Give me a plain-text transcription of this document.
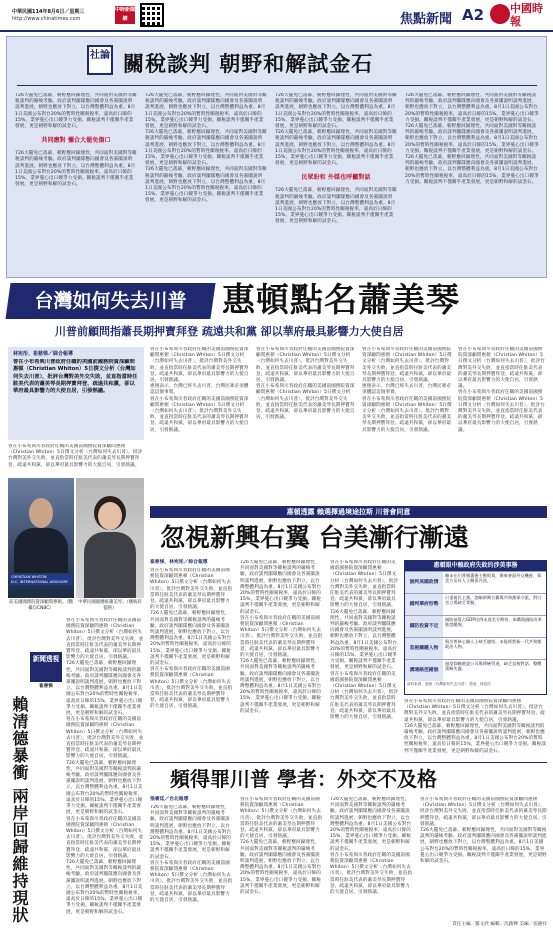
中華民國114年8月6日／星期三
http://www.chinatimes.com
中時新聞網	焦點新聞 A2 中國時報
社論 關稅談判 朝野和解試金石
726大罷免已落幕，朝野應回歸理性，共同面對美國對等關稅談判的嚴峻考驗。政府談判團隊應向國會及各黨團說明談判進展，朝野也應放下對立，以台灣整體利益為重。8月1日美國公布對台20%的暫時性關稅稅率，遠高於日韓的15%，業界憂心出口競爭力受損。關稅談判不僅關乎產業發展，更是朝野和解的試金石。
共同應對 彌合大罷免傷口
726大罷免已落幕，朝野應回歸理性，共同面對美國對等關稅談判的嚴峻考驗。政府談判團隊應向國會及各黨團說明談判進展，朝野也應放下對立，以台灣整體利益為重。8月1日美國公布對台20%的暫時性關稅稅率，遠高於日韓的15%，業界憂心出口競爭力受損。關稅談判不僅關乎產業發展，更是朝野和解的試金石。
726大罷免已落幕，朝野應回歸理性，共同面對美國對等關稅談判的嚴峻考驗。政府談判團隊應向國會及各黨團說明談判進展，朝野也應放下對立，以台灣整體利益為重。8月1日美國公布對台20%的暫時性關稅稅率，遠高於日韓的15%，業界憂心出口競爭力受損。關稅談判不僅關乎產業發展，更是朝野和解的試金石。
726大罷免已落幕，朝野應回歸理性，共同面對美國對等關稅談判的嚴峻考驗。政府談判團隊應向國會及各黨團說明談判進展，朝野也應放下對立，以台灣整體利益為重。8月1日美國公布對台20%的暫時性關稅稅率，遠高於日韓的15%，業界憂心出口競爭力受損。關稅談判不僅關乎產業發展，更是朝野和解的試金石。
726大罷免已落幕，朝野應回歸理性，共同面對美國對等關稅談判的嚴峻考驗。政府談判團隊應向國會及各黨團說明談判進展，朝野也應放下對立，以台灣整體利益為重。8月1日美國公布對台20%的暫時性關稅稅率，遠高於日韓的15%，業界憂心出口競爭力受損。關稅談判不僅關乎產業發展，更是朝野和解的試金石。
726大罷免已落幕，朝野應回歸理性，共同面對美國對等關稅談判的嚴峻考驗。政府談判團隊應向國會及各黨團說明談判進展，朝野也應放下對立，以台灣整體利益為重。8月1日美國公布對台20%的暫時性關稅稅率，遠高於日韓的15%，業界憂心出口競爭力受損。關稅談判不僅關乎產業發展，更是朝野和解的試金石。
726大罷免已落幕，朝野應回歸理性，共同面對美國對等關稅談判的嚴峻考驗。政府談判團隊應向國會及各黨團說明談判進展，朝野也應放下對立，以台灣整體利益為重。8月1日美國公布對台20%的暫時性關稅稅率，遠高於日韓的15%，業界憂心出口競爭力受損。關稅談判不僅關乎產業發展，更是朝野和解的試金石。
民眾盼和 外媒也呼籲對話
726大罷免已落幕，朝野應回歸理性，共同面對美國對等關稅談判的嚴峻考驗。政府談判團隊應向國會及各黨團說明談判進展，朝野也應放下對立，以台灣整體利益為重。8月1日美國公布對台20%的暫時性關稅稅率，遠高於日韓的15%，業界憂心出口競爭力受損。關稅談判不僅關乎產業發展，更是朝野和解的試金石。
726大罷免已落幕，朝野應回歸理性，共同面對美國對等關稅談判的嚴峻考驗。政府談判團隊應向國會及各黨團說明談判進展，朝野也應放下對立，以台灣整體利益為重。8月1日美國公布對台20%的暫時性關稅稅率，遠高於日韓的15%，業界憂心出口競爭力受損。關稅談判不僅關乎產業發展，更是朝野和解的試金石。
726大罷免已落幕，朝野應回歸理性，共同面對美國對等關稅談判的嚴峻考驗。政府談判團隊應向國會及各黨團說明談判進展，朝野也應放下對立，以台灣整體利益為重。8月1日美國公布對台20%的暫時性關稅稅率，遠高於日韓的15%，業界憂心出口競爭力受損。關稅談判不僅關乎產業發展，更是朝野和解的試金石。
726大罷免已落幕，朝野應回歸理性，共同面對美國對等關稅談判的嚴峻考驗。政府談判團隊應向國會及各黨團說明談判進展，朝野也應放下對立，以台灣整體利益為重。8月1日美國公布對台20%的暫時性關稅稅率，遠高於日韓的15%，業界憂心出口競爭力受損。關稅談判不僅關乎產業發展，更是朝野和解的試金石。
台灣如何失去川普	惠頓點名蕭美琴
川普前顧問指蕭長期押寶拜登 疏遠共和黨 卻以華府最具影響力大使自居
林宛彤、崔慈悌／綜合報導
曾在小布希與川普政府任職的美國前國務院資深顧問惠頓（Christian Whiton）5日撰文分析〈台灣如何失去川普〉，批評台灣對美外交失敗，並直指當時任駐美代表的蕭美琴長期押寶拜登、疏遠共和黨，卻以華府最具影響力的大使自居，引發熱議。
曾在小布希與川普政府任職的美國前國務院資深顧問惠頓（Christian Whiton）5日撰文分析〈台灣如何失去川普〉，批評台灣對美外交失敗，並直指當時任駐美代表的蕭美琴長期押寶拜登、疏遠共和黨，卻以華府最具影響力的大使自居，引發熱議。
CHRISTIAN WHITON
D.C. INTERNATIONAL ADVISORY
前美國國務院資深顧問惠頓。（翻攝自CNBC）
中華民國副總統蕭美琴。（總統府提供）
曾在小布希與川普政府任職的美國前國務院資深顧問惠頓（Christian Whiton）5日撰文分析〈台灣如何失去川普〉，批評台灣對美外交失敗，並直指當時任駐美代表的蕭美琴長期押寶拜登、疏遠共和黨，卻以華府最具影響力的大使自居，引發熱議。
惠頓表示，台灣已經失去川普，台灣民眾必須體認這個事實。
曾在小布希與川普政府任職的美國前國務院資深顧問惠頓（Christian Whiton）5日撰文分析〈台灣如何失去川普〉，批評台灣對美外交失敗，並直指當時任駐美代表的蕭美琴長期押寶拜登、疏遠共和黨，卻以華府最具影響力的大使自居，引發熱議。
曾在小布希與川普政府任職的美國前國務院資深顧問惠頓（Christian Whiton）5日撰文分析〈台灣如何失去川普〉，批評台灣對美外交失敗，並直指當時任駐美代表的蕭美琴長期押寶拜登、疏遠共和黨，卻以華府最具影響力的大使自居，引發熱議。
曾在小布希與川普政府任職的美國前國務院資深顧問惠頓（Christian Whiton）5日撰文分析〈台灣如何失去川普〉，批評台灣對美外交失敗，並直指當時任駐美代表的蕭美琴長期押寶拜登、疏遠共和黨，卻以華府最具影響力的大使自居，引發熱議。
曾在小布希與川普政府任職的美國前國務院資深顧問惠頓（Christian Whiton）5日撰文分析〈台灣如何失去川普〉，批評台灣對美外交失敗，並直指當時任駐美代表的蕭美琴長期押寶拜登、疏遠共和黨，卻以華府最具影響力的大使自居，引發熱議。
惠頓表示，台灣已經失去川普，台灣民眾必須體認這個事實。
曾在小布希與川普政府任職的美國前國務院資深顧問惠頓（Christian Whiton）5日撰文分析〈台灣如何失去川普〉，批評台灣對美外交失敗，並直指當時任駐美代表的蕭美琴長期押寶拜登、疏遠共和黨，卻以華府最具影響力的大使自居，引發熱議。
曾在小布希與川普政府任職的美國前國務院資深顧問惠頓（Christian Whiton）5日撰文分析〈台灣如何失去川普〉，批評台灣對美外交失敗，並直指當時任駐美代表的蕭美琴長期押寶拜登、疏遠共和黨，卻以華府最具影響力的大使自居，引發熱議。
曾在小布希與川普政府任職的美國前國務院資深顧問惠頓（Christian Whiton）5日撰文分析〈台灣如何失去川普〉，批評台灣對美外交失敗，並直指當時任駐美代表的蕭美琴長期押寶拜登、疏遠共和黨，卻以華府最具影響力的大使自居，引發熱議。
惠頓透露 賴選擇過境途拉斯 川普會同意
忽視新興右翼 台美漸行漸遠
新聞透視
崔慈悌
賴清德暴衝 兩岸回歸維持現狀
曾在小布希與川普政府任職的美國前國務院資深顧問惠頓（Christian Whiton）5日撰文分析〈台灣如何失去川普〉，批評台灣對美外交失敗，並直指當時任駐美代表的蕭美琴長期押寶拜登、疏遠共和黨，卻以華府最具影響力的大使自居，引發熱議。
726大罷免已落幕，朝野應回歸理性，共同面對美國對等關稅談判的嚴峻考驗。政府談判團隊應向國會及各黨團說明談判進展，朝野也應放下對立，以台灣整體利益為重。8月1日美國公布對台20%的暫時性關稅稅率，遠高於日韓的15%，業界憂心出口競爭力受損。關稅談判不僅關乎產業發展，更是朝野和解的試金石。
曾在小布希與川普政府任職的美國前國務院資深顧問惠頓（Christian Whiton）5日撰文分析〈台灣如何失去川普〉，批評台灣對美外交失敗，並直指當時任駐美代表的蕭美琴長期押寶拜登、疏遠共和黨，卻以華府最具影響力的大使自居，引發熱議。
726大罷免已落幕，朝野應回歸理性，共同面對美國對等關稅談判的嚴峻考驗。政府談判團隊應向國會及各黨團說明談判進展，朝野也應放下對立，以台灣整體利益為重。8月1日美國公布對台20%的暫時性關稅稅率，遠高於日韓的15%，業界憂心出口競爭力受損。關稅談判不僅關乎產業發展，更是朝野和解的試金石。
曾在小布希與川普政府任職的美國前國務院資深顧問惠頓（Christian Whiton）5日撰文分析〈台灣如何失去川普〉，批評台灣對美外交失敗，並直指當時任駐美代表的蕭美琴長期押寶拜登、疏遠共和黨，卻以華府最具影響力的大使自居，引發熱議。
726大罷免已落幕，朝野應回歸理性，共同面對美國對等關稅談判的嚴峻考驗。政府談判團隊應向國會及各黨團說明談判進展，朝野也應放下對立，以台灣整體利益為重。8月1日美國公布對台20%的暫時性關稅稅率，遠高於日韓的15%，業界憂心出口競爭力受損。關稅談判不僅關乎產業發展，更是朝野和解的試金石。
崔慈悌、林宛彤／綜合報導
曾在小布希與川普政府任職的美國前國務院資深顧問惠頓（Christian Whiton）5日撰文分析〈台灣如何失去川普〉，批評台灣對美外交失敗，並直指當時任駐美代表的蕭美琴長期押寶拜登、疏遠共和黨，卻以華府最具影響力的大使自居，引發熱議。
726大罷免已落幕，朝野應回歸理性，共同面對美國對等關稅談判的嚴峻考驗。政府談判團隊應向國會及各黨團說明談判進展，朝野也應放下對立，以台灣整體利益為重。8月1日美國公布對台20%的暫時性關稅稅率，遠高於日韓的15%，業界憂心出口競爭力受損。關稅談判不僅關乎產業發展，更是朝野和解的試金石。
曾在小布希與川普政府任職的美國前國務院資深顧問惠頓（Christian Whiton）5日撰文分析〈台灣如何失去川普〉，批評台灣對美外交失敗，並直指當時任駐美代表的蕭美琴長期押寶拜登、疏遠共和黨，卻以華府最具影響力的大使自居，引發熱議。
726大罷免已落幕，朝野應回歸理性，共同面對美國對等關稅談判的嚴峻考驗。政府談判團隊應向國會及各黨團說明談判進展，朝野也應放下對立，以台灣整體利益為重。8月1日美國公布對台20%的暫時性關稅稅率，遠高於日韓的15%，業界憂心出口競爭力受損。關稅談判不僅關乎產業發展，更是朝野和解的試金石。
曾在小布希與川普政府任職的美國前國務院資深顧問惠頓（Christian Whiton）5日撰文分析〈台灣如何失去川普〉，批評台灣對美外交失敗，並直指當時任駐美代表的蕭美琴長期押寶拜登、疏遠共和黨，卻以華府最具影響力的大使自居，引發熱議。
726大罷免已落幕，朝野應回歸理性，共同面對美國對等關稅談判的嚴峻考驗。政府談判團隊應向國會及各黨團說明談判進展，朝野也應放下對立，以台灣整體利益為重。8月1日美國公布對台20%的暫時性關稅稅率，遠高於日韓的15%，業界憂心出口競爭力受損。關稅談判不僅關乎產業發展，更是朝野和解的試金石。
曾在小布希與川普政府任職的美國前國務院資深顧問惠頓（Christian Whiton）5日撰文分析〈台灣如何失去川普〉，批評台灣對美外交失敗，並直指當時任駐美代表的蕭美琴長期押寶拜登、疏遠共和黨，卻以華府最具影響力的大使自居，引發熱議。
726大罷免已落幕，朝野應回歸理性，共同面對美國對等關稅談判的嚴峻考驗。政府談判團隊應向國會及各黨團說明談判進展，朝野也應放下對立，以台灣整體利益為重。8月1日美國公布對台20%的暫時性關稅稅率，遠高於日韓的15%，業界憂心出口競爭力受損。關稅談判不僅關乎產業發展，更是朝野和解的試金石。
曾在小布希與川普政府任職的美國前國務院資深顧問惠頓（Christian Whiton）5日撰文分析〈台灣如何失去川普〉，批評台灣對美外交失敗，並直指當時任駐美代表的蕭美琴長期押寶拜登、疏遠共和黨，卻以華府最具影響力的大使自居，引發熱議。
惠頓眼中賴政府失敗的涉美事務
誤判美國政情
賴未在川普勝選後主動致賀，換來會面外交機會，與美方友好人士關係冷淡。
錯判華府形勢
只重視民主黨，忽略新興右翼與共和黨保守派，對白宮立場缺乏掌握。
國防投資不足
國防預算占GDP比例未達美方期待，軍購與國防改革進度緩慢。
忽視關鍵人物
與川普核心圈人士缺乏連結，未能經營新一代共和黨政治人物。
溝通路徑錯誤
過度仰賴遊說公司與傳統管道，缺乏直接對話，整體策略失靈。
資料來源：惠頓〈台灣如何失去川普〉 製表：林宛彤
曾在小布希與川普政府任職的美國前國務院資深顧問惠頓（Christian Whiton）5日撰文分析〈台灣如何失去川普〉，批評台灣對美外交失敗，並直指當時任駐美代表的蕭美琴長期押寶拜登、疏遠共和黨，卻以華府最具影響力的大使自居，引發熱議。
726大罷免已落幕，朝野應回歸理性，共同面對美國對等關稅談判的嚴峻考驗。政府談判團隊應向國會及各黨團說明談判進展，朝野也應放下對立，以台灣整體利益為重。8月1日美國公布對台20%的暫時性關稅稅率，遠高於日韓的15%，業界憂心出口競爭力受損。關稅談判不僅關乎產業發展，更是朝野和解的試金石。
頻得罪川普 學者：外交不及格
張睿廷／台北報導
726大罷免已落幕，朝野應回歸理性，共同面對美國對等關稅談判的嚴峻考驗。政府談判團隊應向國會及各黨團說明談判進展，朝野也應放下對立，以台灣整體利益為重。8月1日美國公布對台20%的暫時性關稅稅率，遠高於日韓的15%，業界憂心出口競爭力受損。關稅談判不僅關乎產業發展，更是朝野和解的試金石。
曾在小布希與川普政府任職的美國前國務院資深顧問惠頓（Christian Whiton）5日撰文分析〈台灣如何失去川普〉，批評台灣對美外交失敗，並直指當時任駐美代表的蕭美琴長期押寶拜登、疏遠共和黨，卻以華府最具影響力的大使自居，引發熱議。
曾在小布希與川普政府任職的美國前國務院資深顧問惠頓（Christian Whiton）5日撰文分析〈台灣如何失去川普〉，批評台灣對美外交失敗，並直指當時任駐美代表的蕭美琴長期押寶拜登、疏遠共和黨，卻以華府最具影響力的大使自居，引發熱議。
726大罷免已落幕，朝野應回歸理性，共同面對美國對等關稅談判的嚴峻考驗。政府談判團隊應向國會及各黨團說明談判進展，朝野也應放下對立，以台灣整體利益為重。8月1日美國公布對台20%的暫時性關稅稅率，遠高於日韓的15%，業界憂心出口競爭力受損。關稅談判不僅關乎產業發展，更是朝野和解的試金石。
726大罷免已落幕，朝野應回歸理性，共同面對美國對等關稅談判的嚴峻考驗。政府談判團隊應向國會及各黨團說明談判進展，朝野也應放下對立，以台灣整體利益為重。8月1日美國公布對台20%的暫時性關稅稅率，遠高於日韓的15%，業界憂心出口競爭力受損。關稅談判不僅關乎產業發展，更是朝野和解的試金石。
曾在小布希與川普政府任職的美國前國務院資深顧問惠頓（Christian Whiton）5日撰文分析〈台灣如何失去川普〉，批評台灣對美外交失敗，並直指當時任駐美代表的蕭美琴長期押寶拜登、疏遠共和黨，卻以華府最具影響力的大使自居，引發熱議。
曾在小布希與川普政府任職的美國前國務院資深顧問惠頓（Christian Whiton）5日撰文分析〈台灣如何失去川普〉，批評台灣對美外交失敗，並直指當時任駐美代表的蕭美琴長期押寶拜登、疏遠共和黨，卻以華府最具影響力的大使自居，引發熱議。
726大罷免已落幕，朝野應回歸理性，共同面對美國對等關稅談判的嚴峻考驗。政府談判團隊應向國會及各黨團說明談判進展，朝野也應放下對立，以台灣整體利益為重。8月1日美國公布對台20%的暫時性關稅稅率，遠高於日韓的15%，業界憂心出口競爭力受損。關稅談判不僅關乎產業發展，更是朝野和解的試金石。
責任主編／羅文欣 編輯／沈啟輝 美編／張慶祥
